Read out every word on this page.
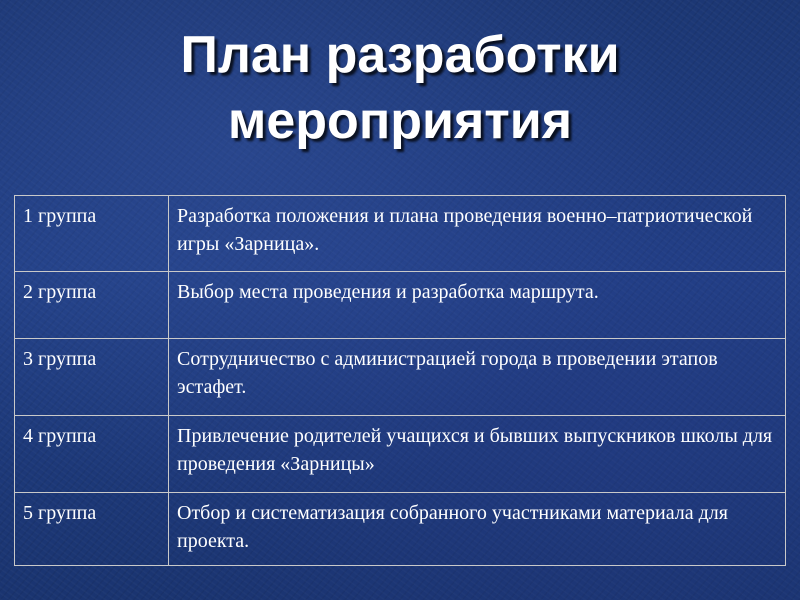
План разработки
мероприятия
1 группа	Разработка положения и плана проведения военно–патриотической   игры «Зарница».
2 группа	Выбор места проведения и разработка маршрута.
3 группа	Сотрудничество с администрацией города в проведении этапов эстафет.
4 группа	Привлечение родителей учащихся и бывших выпускников школы для проведения «Зарницы»
5 группа	Отбор и систематизация собранного участниками материала для проекта.
